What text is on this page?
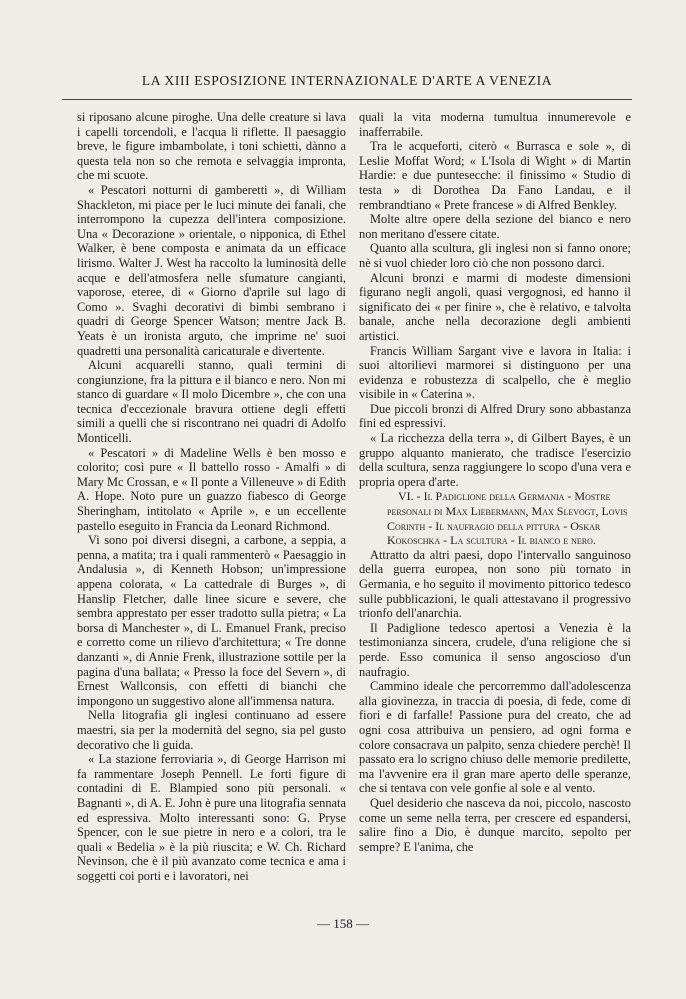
LA XIII ESPOSIZIONE INTERNAZIONALE D'ARTE A VENEZIA

si riposano alcune piroghe. Una delle creature si lava i capelli torcendoli, e l'acqua li riflette. Il paesaggio breve, le figure imbambolate, i toni schietti, dànno a questa tela non so che remota e selvaggia impronta, che mi scuote.

« Pescatori notturni di gamberetti », di William Shackleton, mi piace per le luci minute dei fanali, che interrompono la cupezza dell'intera composizione. Una « Decorazione » orientale, o nipponica, di Ethel Walker, è bene composta e animata da un efficace lirismo. Walter J. West ha raccolto la luminosità delle acque e dell'atmosfera nelle sfumature cangianti, vaporose, eteree, di « Giorno d'aprile sul lago di Como ». Svaghi decorativi di bimbi sembrano i quadri di George Spencer Watson; mentre Jack B. Yeats è un ironista arguto, che imprime ne' suoi quadretti una personalità caricaturale e divertente.

Alcuni acquarelli stanno, quali termini di congiunzione, fra la pittura e il bianco e nero. Non mi stanco di guardare « Il molo Dicembre », che con una tecnica d'eccezionale bravura ottiene degli effetti simili a quelli che si riscontrano nei quadri di Adolfo Monticelli.

« Pescatori » di Madeline Wells è ben mosso e colorito; così pure « Il battello rosso - Amalfi » di Mary Mc Crossan, e « Il ponte a Villeneuve » di Edith A. Hope. Noto pure un guazzo fiabesco di George Sheringham, intitolato « Aprile », e un eccellente pastello eseguito in Francia da Leonard Richmond.

Vi sono poi diversi disegni, a carbone, a seppia, a penna, a matita; tra i quali rammenterò « Paesaggio in Andalusia », di Kenneth Hobson; un'impressione appena colorata, « La cattedrale di Burges », di Hanslip Fletcher, dalle linee sicure e severe, che sembra apprestato per esser tradotto sulla pietra; « La borsa di Manchester », di L. Emanuel Frank, preciso e corretto come un rilievo d'architettura; « Tre donne danzanti », di Annie Frenk, illustrazione sottile per la pagina d'una ballata; « Presso la foce del Severn », di Ernest Wallconsis, con effetti di bianchi che impongono un suggestivo alone all'immensa natura.

Nella litografia gli inglesi continuano ad essere maestri, sia per la modernità del segno, sia pel gusto decorativo che li guida.

« La stazione ferroviaria », di George Harrison mi fa rammentare Joseph Pennell. Le forti figure di contadini di E. Blampied sono più personali. « Bagnanti », di A. E. John è pure una litografia sennata ed espressiva. Molto interessanti sono: G. Pryse Spencer, con le sue pietre in nero e a colori, tra le quali « Bedelia » è la più riuscita; e W. Ch. Richard Nevinson, che è il più avanzato come tecnica e ama i soggetti coi porti e i lavoratori, nei

quali la vita moderna tumultua innumerevole e inafferrabile.

Tra le acqueforti, citerò « Burrasca e sole », di Leslie Moffat Word; « L'Isola di Wight » di Martin Hardie: e due puntesecche: il finissimo « Studio di testa » di Dorothea Da Fano Landau, e il rembrandtiano « Prete francese » di Alfred Benkley.

Molte altre opere della sezione del bianco e nero non meritano d'essere citate.

Quanto alla scultura, gli inglesi non si fanno onore; nè si vuol chieder loro ciò che non possono darci.

Alcuni bronzi e marmi di modeste dimensioni figurano negli angoli, quasi vergognosi, ed hanno il significato dei « per finire », che è relativo, e talvolta banale, anche nella decorazione degli ambienti artistici.

Francis William Sargant vive e lavora in Italia: i suoi altorilievi marmorei si distinguono per una evidenza e robustezza di scalpello, che è meglio visibile in « Caterina ».

Due piccoli bronzi di Alfred Drury sono abbastanza fini ed espressivi.

« La ricchezza della terra », di Gilbert Bayes, è un gruppo alquanto manierato, che tradisce l'esercizio della scultura, senza raggiungere lo scopo d'una vera e propria opera d'arte.

VI. - Il Padiglione della Germania - Mostre personali di Max Liebermann, Max Slevogt, Lovis Corinth - Il naufragio della pittura - Oskar Kokoschka - La scultura - Il bianco e nero.

Attratto da altri paesi, dopo l'intervallo sanguinoso della guerra europea, non sono più tornato in Germania, e ho seguito il movimento pittorico tedesco sulle pubblicazioni, le quali attestavano il progressivo trionfo dell'anarchia.

Il Padiglione tedesco apertosi a Venezia è la testimonianza sincera, crudele, d'una religione che si perde. Esso comunica il senso angoscioso d'un naufragio.

Cammino ideale che percorremmo dall'adolescenza alla giovinezza, in traccia di poesia, di fede, come di fiori e di farfalle! Passione pura del creato, che ad ogni cosa attribuiva un pensiero, ad ogni forma e colore consacrava un palpito, senza chiedere perchè! Il passato era lo scrigno chiuso delle memorie predilette, ma l'avvenire era il gran mare aperto delle speranze, che si tentava con vele gonfie al sole e al vento.

Quel desiderio che nasceva da noi, piccolo, nascosto come un seme nella terra, per crescere ed espandersi, salire fino a Dio, è dunque marcito, sepolto per sempre? E l'anima, che

— 158 —
